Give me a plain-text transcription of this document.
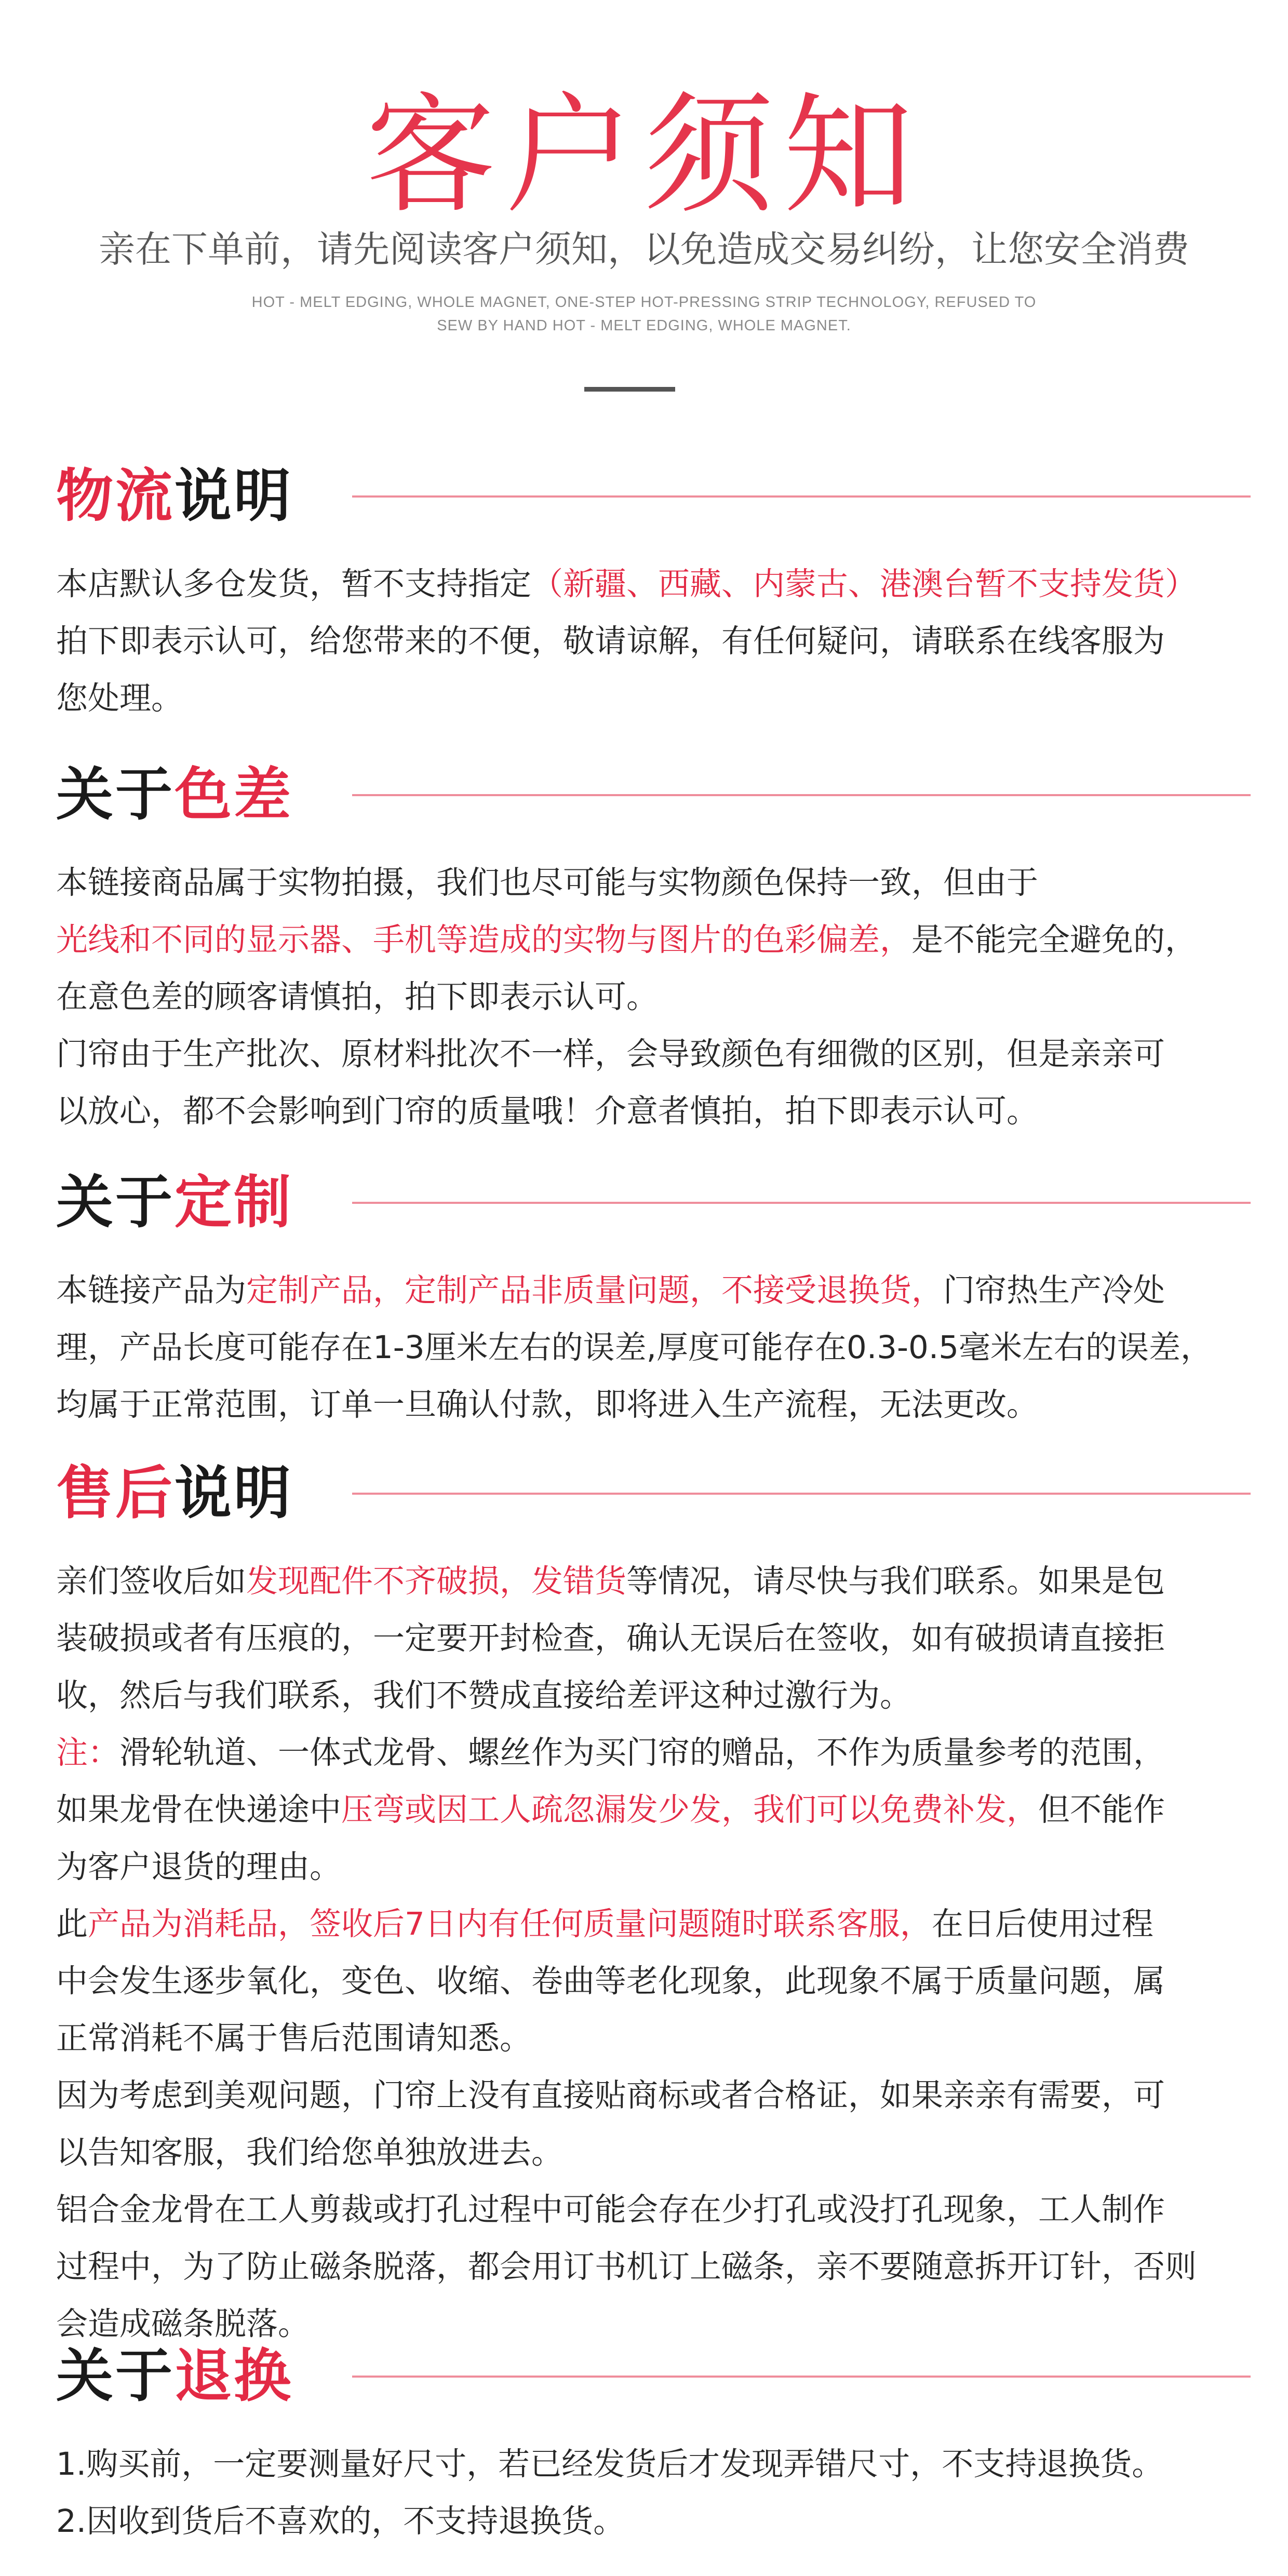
客户须知
亲在下单前，请先阅读客户须知，以免造成交易纠纷，让您安全消费
HOT - MELT EDGING, WHOLE MAGNET, ONE-STEP HOT-PRESSING STRIP TECHNOLOGY, REFUSED TO
SEW BY HAND HOT - MELT EDGING, WHOLE MAGNET.
物流说明
本店默认多仓发货，暂不支持指定（新疆、西藏、内蒙古、港澳台暂不支持发货）
拍下即表示认可，给您带来的不便，敬请谅解，有任何疑问，请联系在线客服为
您处理。
关于色差
本链接商品属于实物拍摄，我们也尽可能与实物颜色保持一致，但由于
光线和不同的显示器、手机等造成的实物与图片的色彩偏差，是不能完全避免的，
在意色差的顾客请慎拍，拍下即表示认可。
门帘由于生产批次、原材料批次不一样，会导致颜色有细微的区别，但是亲亲可
以放心，都不会影响到门帘的质量哦！介意者慎拍，拍下即表示认可。
关于定制
本链接产品为定制产品，定制产品非质量问题，不接受退换货，门帘热生产冷处
理，产品长度可能存在1-3厘米左右的误差,厚度可能存在0.3-0.5毫米左右的误差，
均属于正常范围，订单一旦确认付款，即将进入生产流程，无法更改。
售后说明
亲们签收后如发现配件不齐破损，发错货等情况，请尽快与我们联系。如果是包
装破损或者有压痕的，一定要开封检查，确认无误后在签收，如有破损请直接拒
收，然后与我们联系，我们不赞成直接给差评这种过激行为。
注：滑轮轨道、一体式龙骨、螺丝作为买门帘的赠品，不作为质量参考的范围，
如果龙骨在快递途中压弯或因工人疏忽漏发少发，我们可以免费补发，但不能作
为客户退货的理由。
此产品为消耗品，签收后7日内有任何质量问题随时联系客服，在日后使用过程
中会发生逐步氧化，变色、收缩、卷曲等老化现象，此现象不属于质量问题，属
正常消耗不属于售后范围请知悉。
因为考虑到美观问题，门帘上没有直接贴商标或者合格证，如果亲亲有需要，可
以告知客服，我们给您单独放进去。
铝合金龙骨在工人剪裁或打孔过程中可能会存在少打孔或没打孔现象，工人制作
过程中，为了防止磁条脱落，都会用订书机订上磁条，亲不要随意拆开订针，否则
会造成磁条脱落。
关于退换
1.购买前，一定要测量好尺寸，若已经发货后才发现弄错尺寸，不支持退换货。
2.因收到货后不喜欢的，不支持退换货。
